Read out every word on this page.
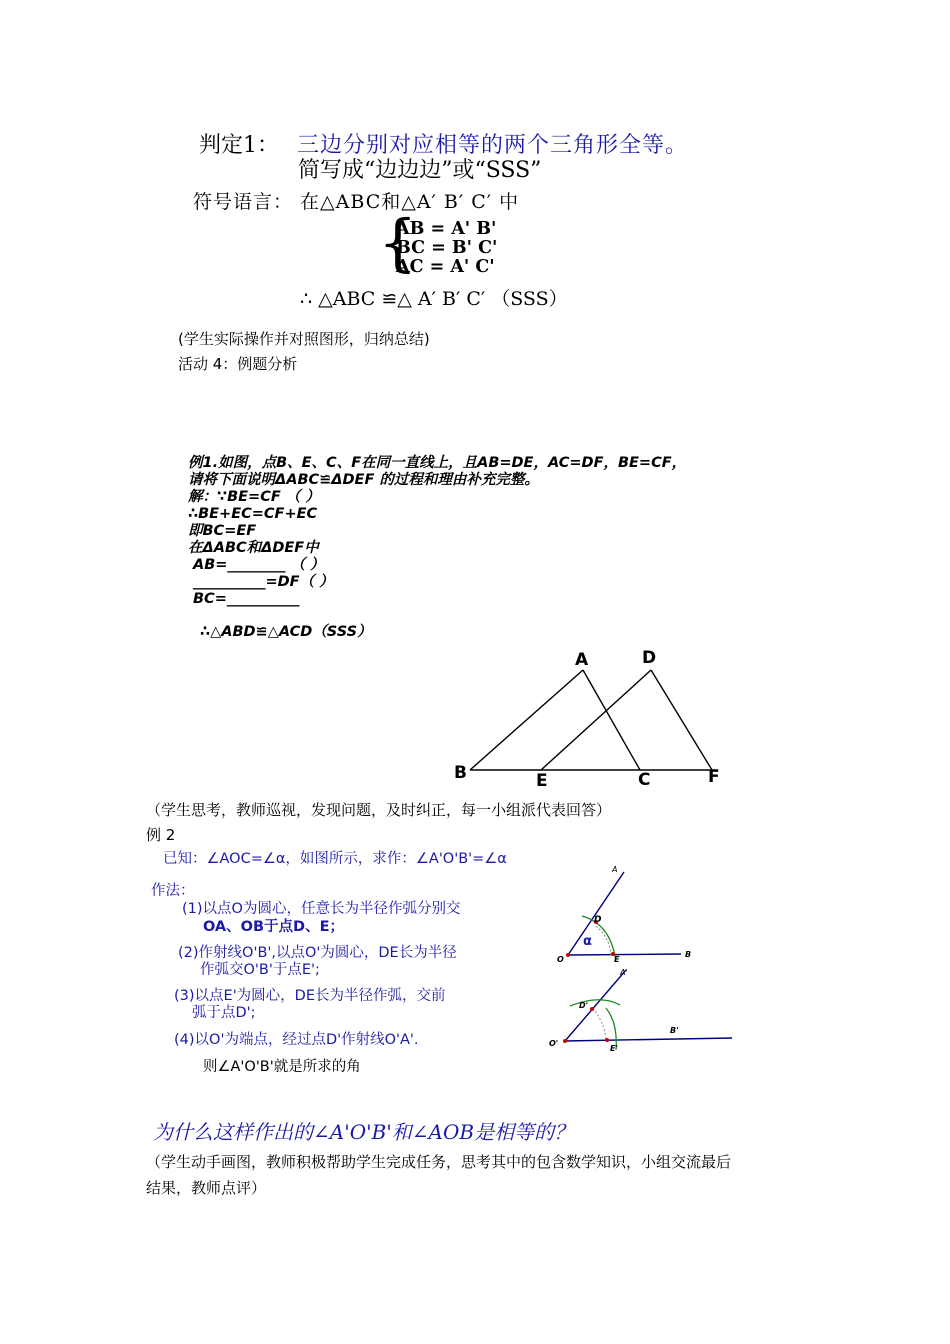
判定1： 三边分别对应相等的两个三角形全等。
简写成“边边边”或“SSS”
符号语言： 在△ABC和△A′ B′ C′ 中
{
AB = A' B'
BC = B' C'
AC = A' C'
∴ △ABC ≌△ A′ B′ C′ （SSS）
(学生实际操作并对照图形，归纳总结)
活动 4：例题分析
例1.如图，点B、E、C、F在同一直线上，且AB=DE，AC=DF，BE=CF，
请将下面说明ΔABC≌ΔDEF 的过程和理由补充完整。
解：∵BE=CF （ ）
∴BE+EC=CF+EC
即BC=EF
在ΔABC和ΔDEF中
AB=________ （ ）
__________=DF（ ）
BC=__________
∴△ABD≌△ACD（SSS）
A	D
B	E	C	F
（学生思考，教师巡视，发现问题，及时纠正，每一小组派代表回答）
例 2
已知：∠AOC=∠α，如图所示，求作：∠A'O'B'=∠α
作法：
(1)以点O为圆心，任意长为半径作弧分别交
OA、OB于点D、E；
(2)作射线O'B',以点O'为圆心，DE长为半径
作弧交O'B'于点E';
(3)以点E'为圆心，DE长为半径作弧，交前
弧于点D';
(4)以O'为端点，经过点D'作射线O'A'.
则∠A'O'B'就是所求的角
A
D
α
O	E
B
A'
D'
B'
O'
E'
为什么这样作出的∠A'O'B'和∠AOB是相等的？
（学生动手画图，教师积极帮助学生完成任务，思考其中的包含数学知识，小组交流最后
结果，教师点评）
